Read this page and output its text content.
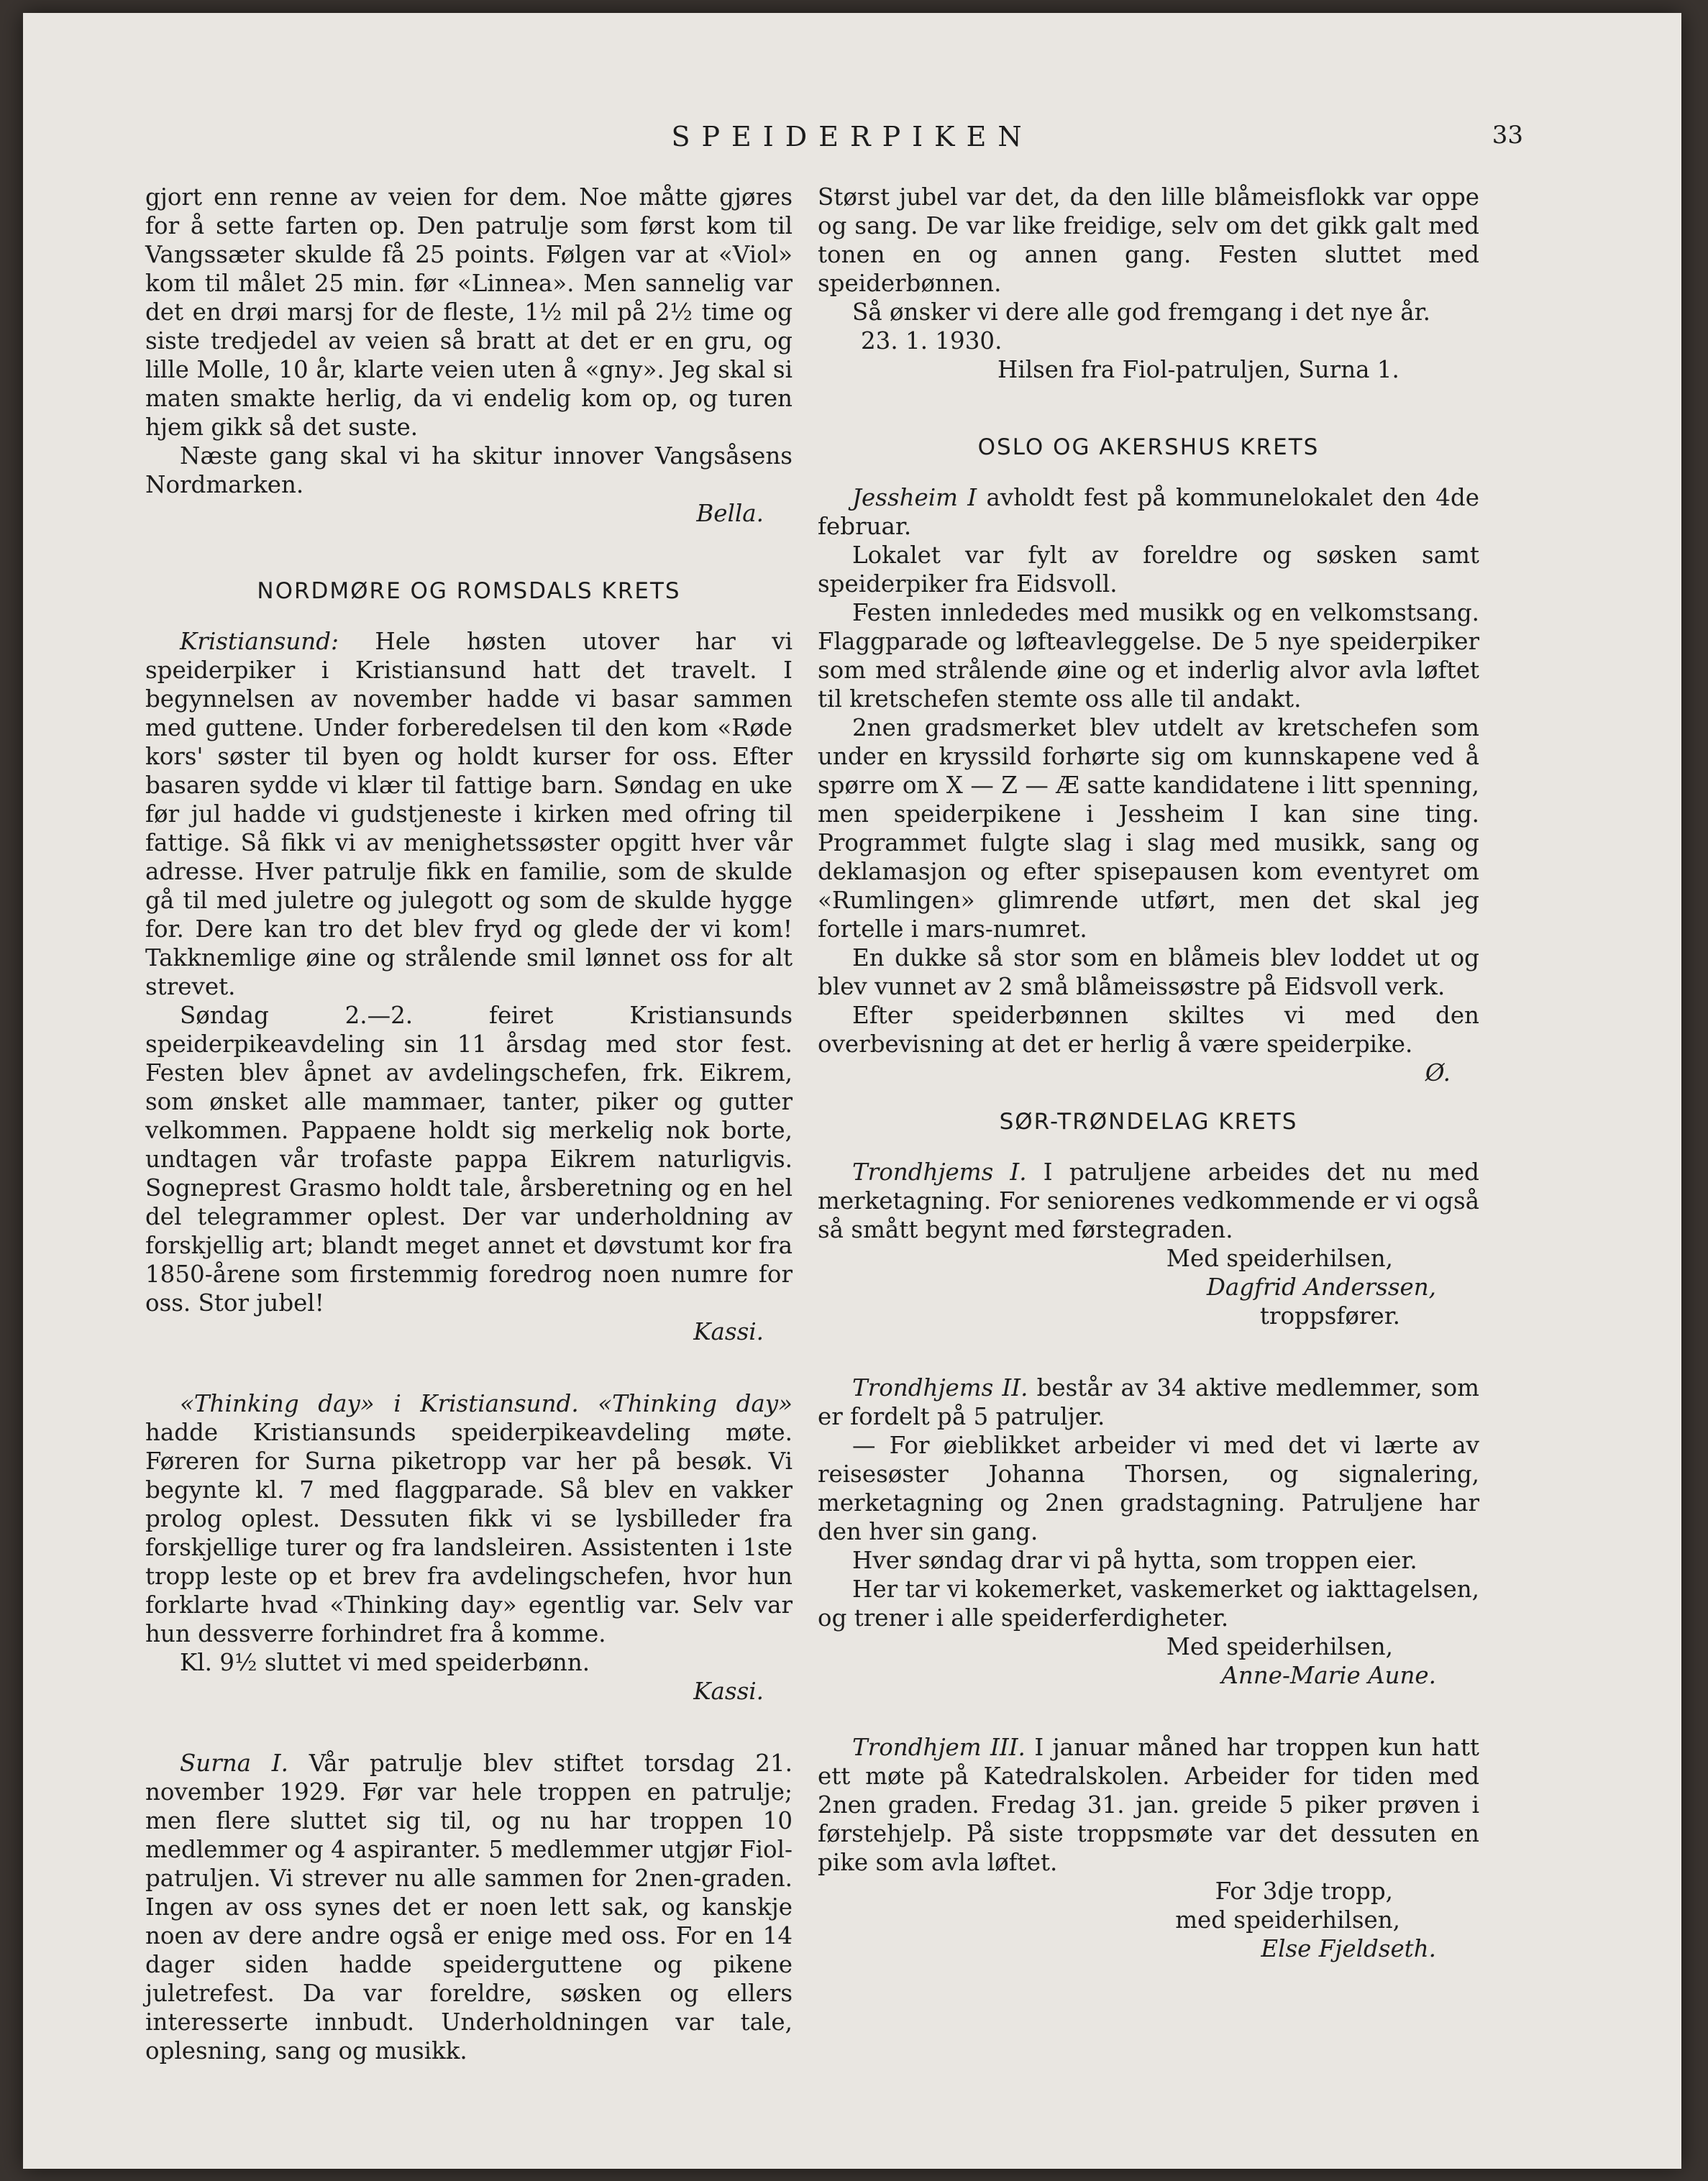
SPEIDERPIKEN	33

gjort enn renne av veien for dem. Noe måtte gjøres for å sette farten op. Den patrulje som først kom til Vangssæter skulde få 25 points. Følgen var at «Viol» kom til målet 25 min. før «Linnea». Men sannelig var det en drøi marsj for de fleste, 1½ mil på 2½ time og siste tredjedel av veien så bratt at det er en gru, og lille Molle, 10 år, klarte veien uten å «gny». Jeg skal si maten smakte herlig, da vi endelig kom op, og turen hjem gikk så det suste.

Næste gang skal vi ha skitur innover Vangsåsens Nordmarken.

Bella.

NORDMØRE OG ROMSDALS KRETS

Kristiansund: Hele høsten utover har vi speiderpiker i Kristiansund hatt det travelt. I begynnelsen av november hadde vi basar sammen med guttene. Under forberedelsen til den kom «Røde kors' søster til byen og holdt kurser for oss. Efter basaren sydde vi klær til fattige barn. Søndag en uke før jul hadde vi gudstjeneste i kirken med ofring til fattige. Så fikk vi av menighetssøster opgitt hver vår adresse. Hver patrulje fikk en familie, som de skulde gå til med juletre og julegott og som de skulde hygge for. Dere kan tro det blev fryd og glede der vi kom! Takknemlige øine og strålende smil lønnet oss for alt strevet.

Søndag 2.—2. feiret Kristiansunds speiderpikeavdeling sin 11 årsdag med stor fest. Festen blev åpnet av avdelingschefen, frk. Eikrem, som ønsket alle mammaer, tanter, piker og gutter velkommen. Pappaene holdt sig merkelig nok borte, undtagen vår trofaste pappa Eikrem naturligvis. Sogneprest Grasmo holdt tale, årsberetning og en hel del telegrammer oplest. Der var underholdning av forskjellig art; blandt meget annet et døvstumt kor fra 1850-årene som firstemmig foredrog noen numre for oss. Stor jubel!

Kassi.

«Thinking day» i Kristiansund. «Thinking day» hadde Kristiansunds speiderpikeavdeling møte. Føreren for Surna piketropp var her på besøk. Vi begynte kl. 7 med flaggparade. Så blev en vakker prolog oplest. Dessuten fikk vi se lysbilleder fra forskjellige turer og fra landsleiren. Assistenten i 1ste tropp leste op et brev fra avdelingschefen, hvor hun forklarte hvad «Thinking day» egentlig var. Selv var hun dessverre forhindret fra å komme.

Kl. 9½ sluttet vi med speiderbønn.

Kassi.

Surna I. Vår patrulje blev stiftet torsdag 21. november 1929. Før var hele troppen en patrulje; men flere sluttet sig til, og nu har troppen 10 medlemmer og 4 aspiranter. 5 medlemmer utgjør Fiol-patruljen. Vi strever nu alle sammen for 2nen-graden. Ingen av oss synes det er noen lett sak, og kanskje noen av dere andre også er enige med oss. For en 14 dager siden hadde speiderguttene og pikene juletrefest. Da var foreldre, søsken og ellers interesserte innbudt. Underholdningen var tale, oplesning, sang og musikk.

Størst jubel var det, da den lille blåmeisflokk var oppe og sang. De var like freidige, selv om det gikk galt med tonen en og annen gang. Festen sluttet med speiderbønnen.

Så ønsker vi dere alle god fremgang i det nye år.

23. 1. 1930.

Hilsen fra Fiol-patruljen, Surna 1.

OSLO OG AKERSHUS KRETS

Jessheim I avholdt fest på kommunelokalet den 4de februar.

Lokalet var fylt av foreldre og søsken samt speiderpiker fra Eidsvoll.

Festen innlededes med musikk og en velkomstsang. Flaggparade og løfteavleggelse. De 5 nye speiderpiker som med strålende øine og et inderlig alvor avla løftet til kretschefen stemte oss alle til andakt.

2nen gradsmerket blev utdelt av kretschefen som under en kryssild forhørte sig om kunnskapene ved å spørre om X — Z — Æ satte kandidatene i litt spenning, men speiderpikene i Jessheim I kan sine ting. Programmet fulgte slag i slag med musikk, sang og deklamasjon og efter spisepausen kom eventyret om «Rumlingen» glimrende utført, men det skal jeg fortelle i mars-numret.

En dukke så stor som en blåmeis blev loddet ut og blev vunnet av 2 små blåmeissøstre på Eidsvoll verk.

Efter speiderbønnen skiltes vi med den overbevisning at det er herlig å være speiderpike.
Ø.

SØR-TRØNDELAG KRETS

Trondhjems I. I patruljene arbeides det nu med merketagning. For seniorenes vedkommende er vi også så smått begynt med førstegraden.

Med speiderhilsen,

Dagfrid Anderssen,

troppsfører.

Trondhjems II. består av 34 aktive medlemmer, som er fordelt på 5 patruljer.

— For øieblikket arbeider vi med det vi lærte av reisesøster Johanna Thorsen, og signalering, merketagning og 2nen gradstagning. Patruljene har den hver sin gang.

Hver søndag drar vi på hytta, som troppen eier.

Her tar vi kokemerket, vaskemerket og iakttagelsen, og trener i alle speiderferdigheter.

Med speiderhilsen,

Anne-Marie Aune.

Trondhjem III. I januar måned har troppen kun hatt ett møte på Katedralskolen. Arbeider for tiden med 2nen graden. Fredag 31. jan. greide 5 piker prøven i førstehjelp. På siste troppsmøte var det dessuten en pike som avla løftet.

For 3dje tropp,

med speiderhilsen,

Else Fjeldseth.
